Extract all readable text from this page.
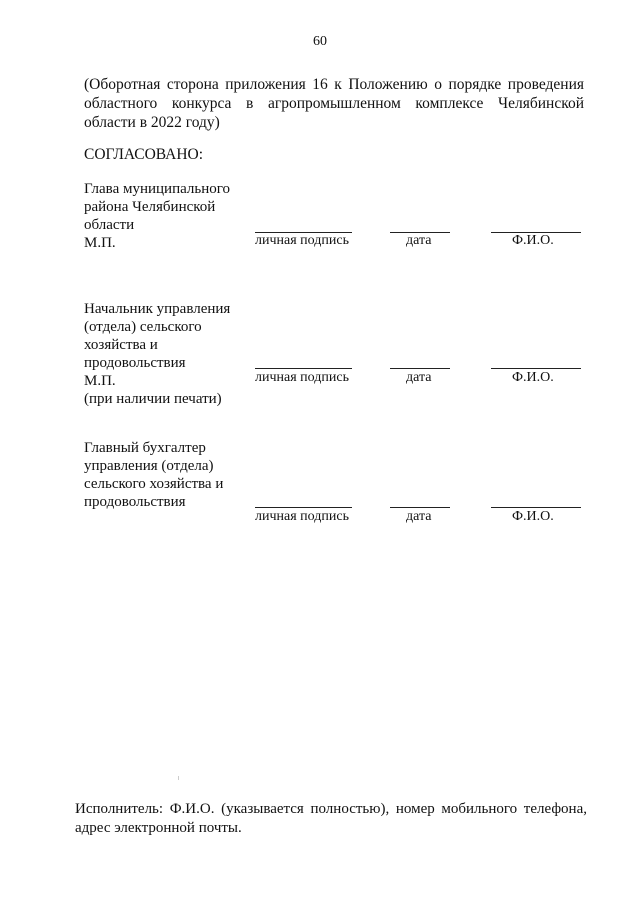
60
(Оборотная сторона приложения 16 к Положению о порядке проведения областного конкурса в агропромышленном комплексе Челябинской области в 2022 году)
СОГЛАСОВАНО:
Глава муниципального
района Челябинской
области
М.П.	личная подпись	дата	Ф.И.О.
Начальник управления
(отдела) сельского
хозяйства и
продовольствия
М.П.
(при наличии печати)
личная подпись	дата	Ф.И.О.
Главный бухгалтер
управления (отдела)
сельского хозяйства и
продовольствия
личная подпись	дата	Ф.И.О.
Исполнитель: Ф.И.О. (указывается полностью), номер мобильного телефона, адрес электронной почты.
